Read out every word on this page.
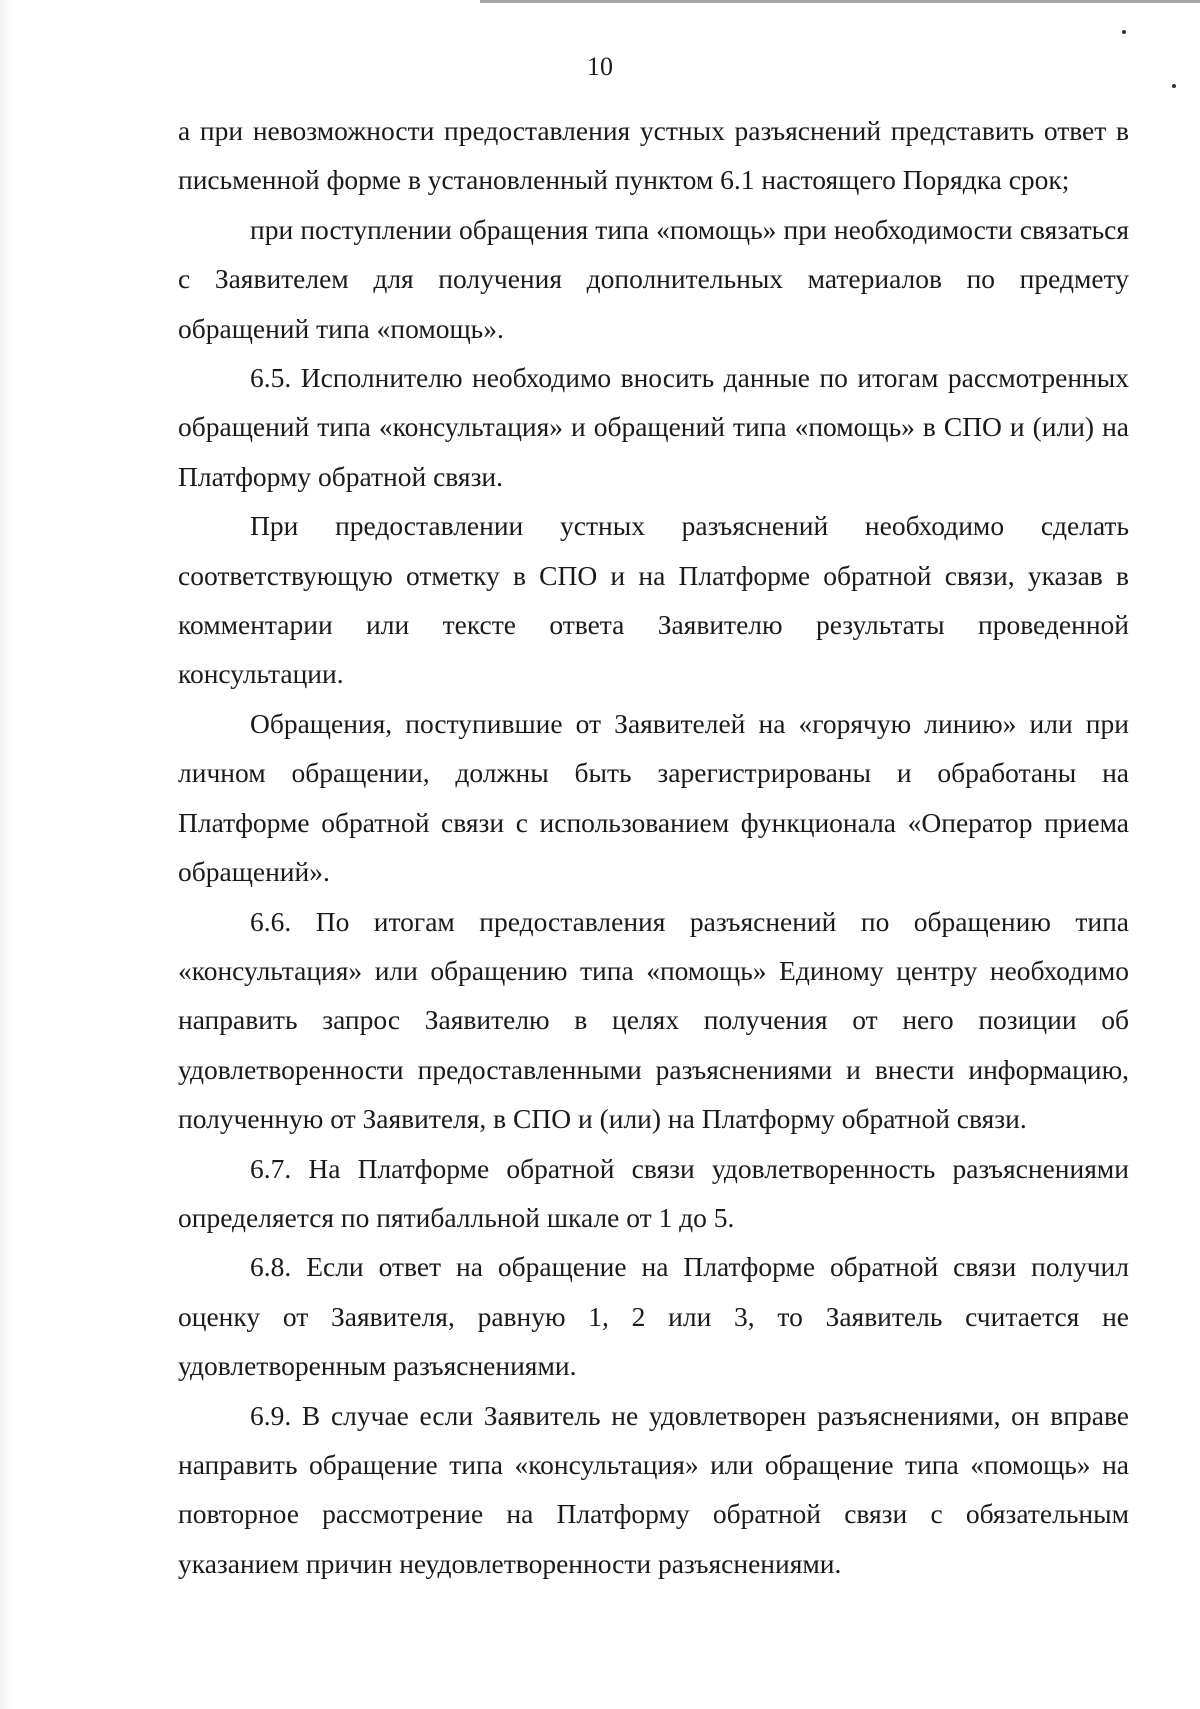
10

а при невозможности предоставления устных разъяснений представить ответ в письменной форме в установленный пунктом 6.1 настоящего Порядка срок;

при поступлении обращения типа «помощь» при необходимости связаться с Заявителем для получения дополнительных материалов по предмету обращений типа «помощь».

6.5. Исполнителю необходимо вносить данные по итогам рассмотренных обращений типа «консультация» и обращений типа «помощь» в СПО и (или) на Платформу обратной связи.

При предоставлении устных разъяснений необходимо сделать соответствующую отметку в СПО и на Платформе обратной связи, указав в комментарии или тексте ответа Заявителю результаты проведенной консультации.

Обращения, поступившие от Заявителей на «горячую линию» или при личном обращении, должны быть зарегистрированы и обработаны на Платформе обратной связи с использованием функционала «Оператор приема обращений».

6.6. По итогам предоставления разъяснений по обращению типа «консультация» или обращению типа «помощь» Единому центру необходимо направить запрос Заявителю в целях получения от него позиции об удовлетворенности предоставленными разъяснениями и внести информацию, полученную от Заявителя, в СПО и (или) на Платформу обратной связи.

6.7. На Платформе обратной связи удовлетворенность разъяснениями определяется по пятибалльной шкале от 1 до 5.

6.8. Если ответ на обращение на Платформе обратной связи получил оценку от Заявителя, равную 1, 2 или 3, то Заявитель считается не удовлетворенным разъяснениями.

6.9. В случае если Заявитель не удовлетворен разъяснениями, он вправе направить обращение типа «консультация» или обращение типа «помощь» на повторное рассмотрение на Платформу обратной связи с обязательным указанием причин неудовлетворенности разъяснениями.
